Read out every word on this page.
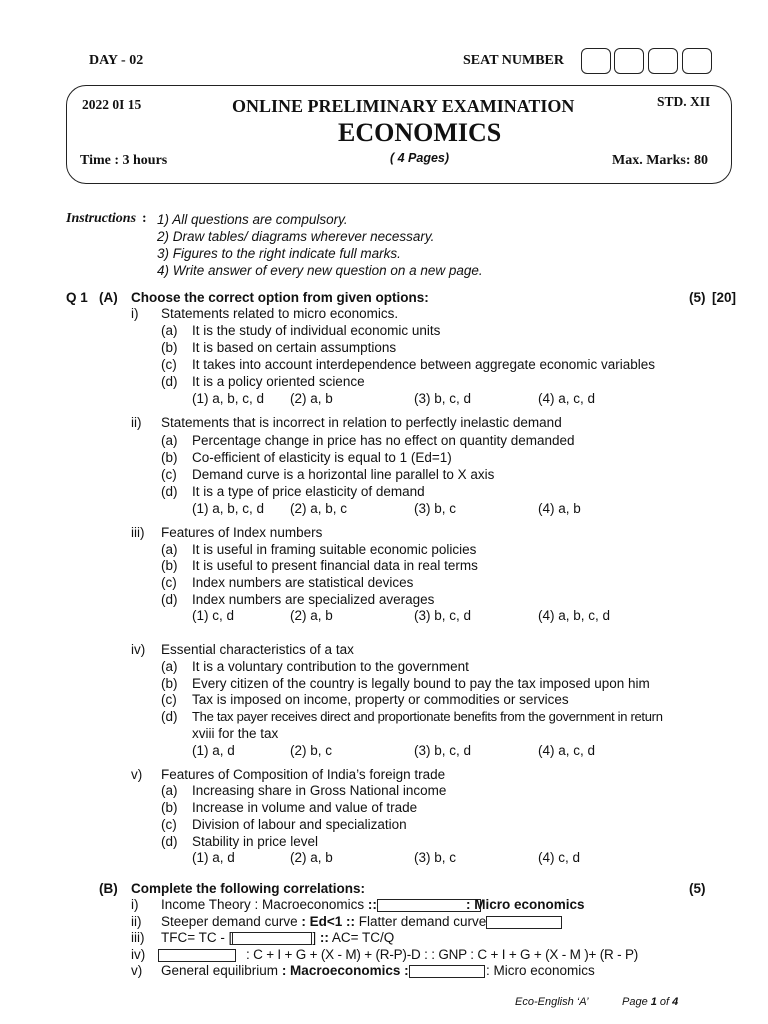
DAY - 02	SEAT NUMBER
2022 0I 15	ONLINE PRELIMINARY EXAMINATION	STD. XII
ECONOMICS
Time : 3 hours	( 4 Pages)	Max. Marks: 80
Instructions : 1) All questions are compulsory.
2) Draw tables/ diagrams wherever necessary.
3) Figures to the right indicate full marks.
4) Write answer of every new question on a new page.
Q 1 (A) Choose the correct option from given options:	(5) [20]
i) Statements related to micro economics.
(a) It is the study of individual economic units
(b) It is based on certain assumptions
(c) It takes into account interdependence between aggregate economic variables
(d) It is a policy oriented science
(1) a, b, c, d (2) a, b	(3) b, c, d	(4) a, c, d
ii) Statements that is incorrect in relation to perfectly inelastic demand
(a) Percentage change in price has no effect on quantity demanded
(b) Co-efficient of elasticity is equal to 1 (Ed=1)
(c) Demand curve is a horizontal line parallel to X axis
(d) It is a type of price elasticity of demand
(1) a, b, c, d (2) a, b, c	(3) b, c	(4) a, b
iii) Features of Index numbers
(a) It is useful in framing suitable economic policies
(b) It is useful to present financial data in real terms
(c) Index numbers are statistical devices
(d) Index numbers are specialized averages
(1) c, d	(2) a, b	(3) b, c, d	(4) a, b, c, d
iv) Essential characteristics of a tax
(a) It is a voluntary contribution to the government
(b) Every citizen of the country is legally bound to pay the tax imposed upon him
(c) Tax is imposed on income, property or commodities or services
(d) The tax payer receives direct and proportionate benefits from the government in return
xviii for the tax
(1) a, d	(2) b, c	(3) b, c, d	(4) a, c, d
v) Features of Composition of India’s foreign trade
(a) Increasing share in Gross National income
(b) Increase in volume and value of trade
(c) Division of labour and specialization
(d) Stability in price level
(1) a, d	(2) a, b	(3) b, c	(4) c, d
(B) Complete the following correlations:	(5)
i) Income Theory : Macroeconomics ::	: Micro economics
ii) Steeper demand curve : Ed<1 :: Flatter demand curve
iii) TFC= TC - [	] :: AC= TC/Q
iv)	: C + I + G + (X - M) + (R-P)-D : : GNP : C + I + G + (X - M )+ (R - P)
v) General equilibrium : Macroeconomics :	: Micro economics
Eco-English ‘A’	Page 1 of 4
